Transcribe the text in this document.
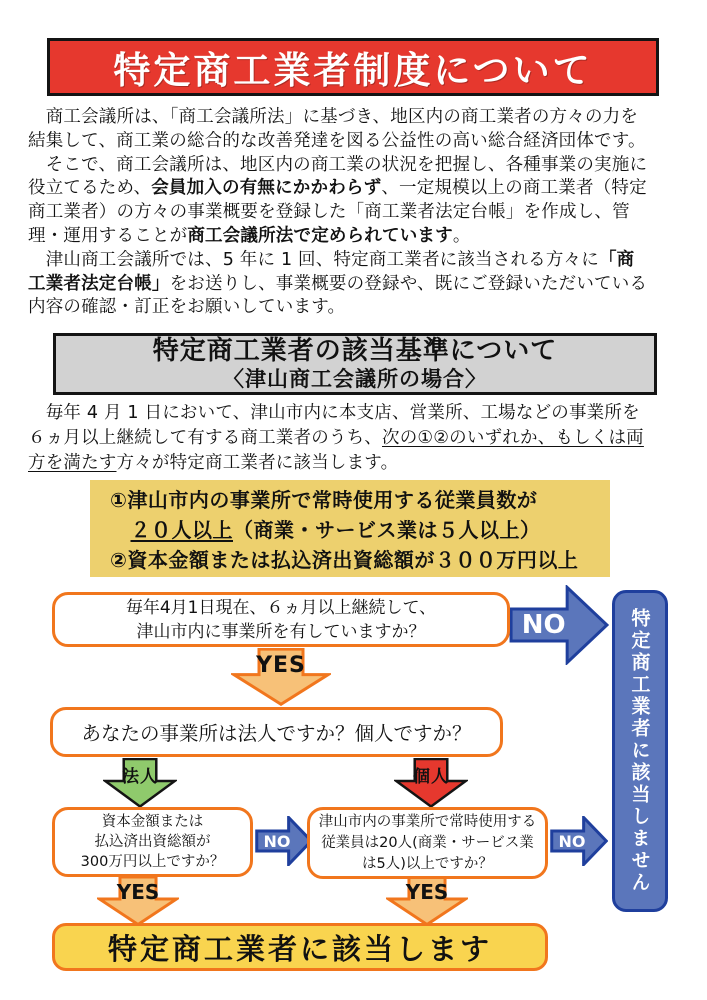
特定商工業者制度について
　商工会議所は、「商工会議所法」に基づき、地区内の商工業者の方々の力を
結集して、商工業の総合的な改善発達を図る公益性の高い総合経済団体です。
　そこで、商工会議所は、地区内の商工業の状況を把握し、各種事業の実施に
役立てるため、会員加入の有無にかかわらず、一定規模以上の商工業者（特定
商工業者）の方々の事業概要を登録した「商工業者法定台帳」を作成し、管
理・運用することが商工会議所法で定められています。
　津山商工会議所では、5 年に 1 回、特定商工業者に該当される方々に「商
工業者法定台帳」をお送りし、事業概要の登録や、既にご登録いただいている
内容の確認・訂正をお願いしています。
特定商工業者の該当基準について
〈津山商工会議所の場合〉
　毎年 4 月 1 日において、津山市内に本支店、営業所、工場などの事業所を
６ヵ月以上継続して有する商工業者のうち、次の①②のいずれか、もしくは両
方を満たす方々が特定商工業者に該当します。
①津山市内の事業所で常時使用する従業員数が
　２０人以上（商業・サービス業は５人以上）
②資本金額または払込済出資総額が３００万円以上
毎年4月1日現在、６ヵ月以上継続して、
津山市内に事業所を有していますか？	NO	特定商工業者に該当しません
YES
あなたの事業所は法人ですか？個人ですか？
法人	個人
資本金額または
払込済出資総額が
300万円以上ですか？
NO
津山市内の事業所で常時使用する
従業員は20人(商業・サービス業
は5人)以上ですか？
NO
YES	YES
特定商工業者に該当します
